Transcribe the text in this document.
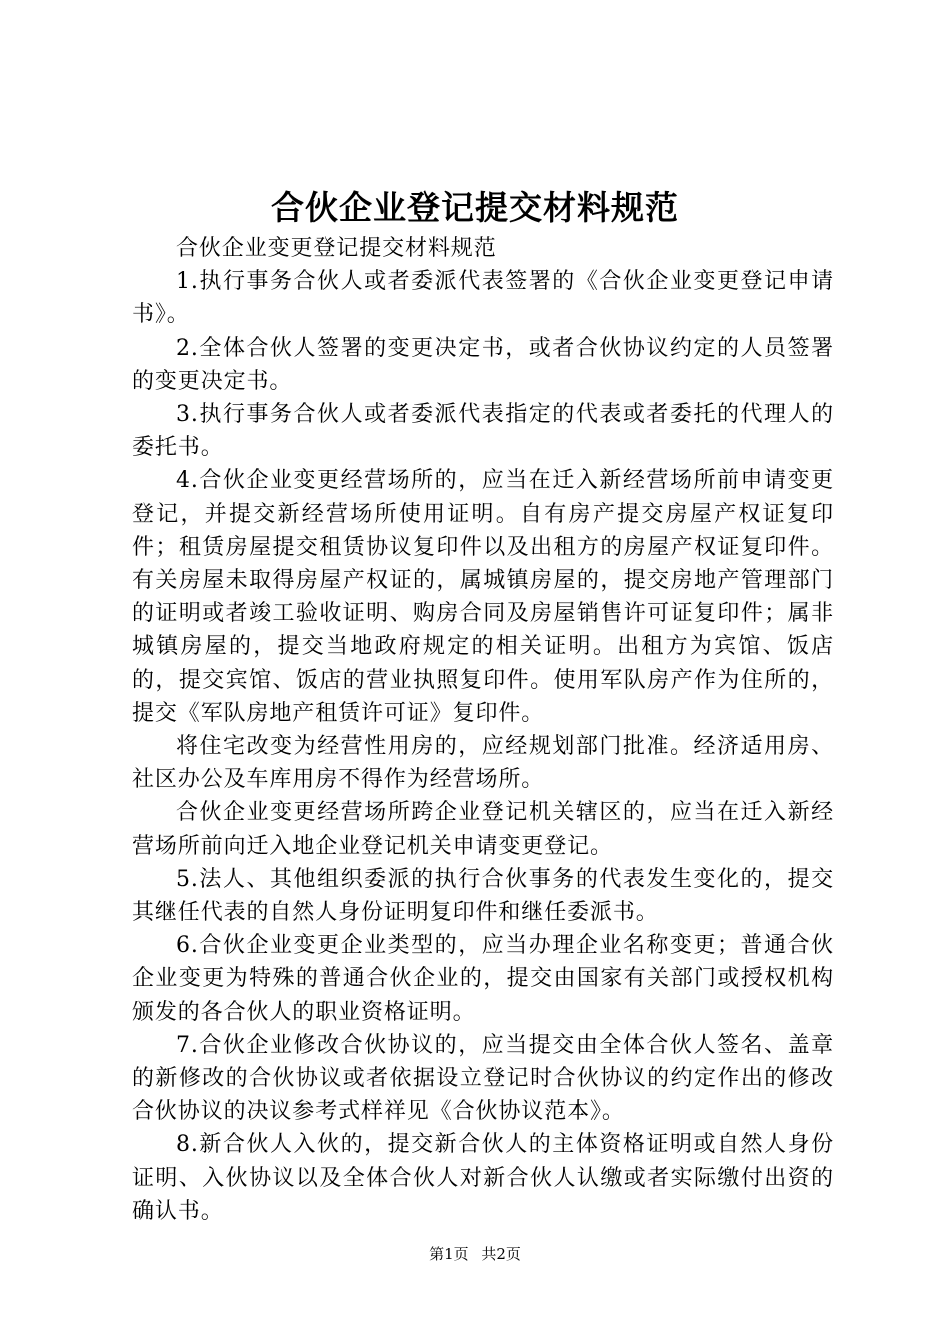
合伙企业登记提交材料规范

合伙企业变更登记提交材料规范

1.执行事务合伙人或者委派代表签署的《合伙企业变更登记申请书》。

2.全体合伙人签署的变更决定书，或者合伙协议约定的人员签署的变更决定书。

3.执行事务合伙人或者委派代表指定的代表或者委托的代理人的委托书。

4.合伙企业变更经营场所的，应当在迁入新经营场所前申请变更登记，并提交新经营场所使用证明。自有房产提交房屋产权证复印件；租赁房屋提交租赁协议复印件以及出租方的房屋产权证复印件。有关房屋未取得房屋产权证的，属城镇房屋的，提交房地产管理部门的证明或者竣工验收证明、购房合同及房屋销售许可证复印件；属非城镇房屋的，提交当地政府规定的相关证明。出租方为宾馆、饭店的，提交宾馆、饭店的营业执照复印件。使用军队房产作为住所的，提交《军队房地产租赁许可证》复印件。

将住宅改变为经营性用房的，应经规划部门批准。经济适用房、社区办公及车库用房不得作为经营场所。

合伙企业变更经营场所跨企业登记机关辖区的，应当在迁入新经营场所前向迁入地企业登记机关申请变更登记。

5.法人、其他组织委派的执行合伙事务的代表发生变化的，提交其继任代表的自然人身份证明复印件和继任委派书。

6.合伙企业变更企业类型的，应当办理企业名称变更；普通合伙企业变更为特殊的普通合伙企业的，提交由国家有关部门或授权机构颁发的各合伙人的职业资格证明。

7.合伙企业修改合伙协议的，应当提交由全体合伙人签名、盖章的新修改的合伙协议或者依据设立登记时合伙协议的约定作出的修改合伙协议的决议参考式样祥见《合伙协议范本》。

8.新合伙人入伙的，提交新合伙人的主体资格证明或自然人身份证明、入伙协议以及全体合伙人对新合伙人认缴或者实际缴付出资的确认书。

第1页 共2页
